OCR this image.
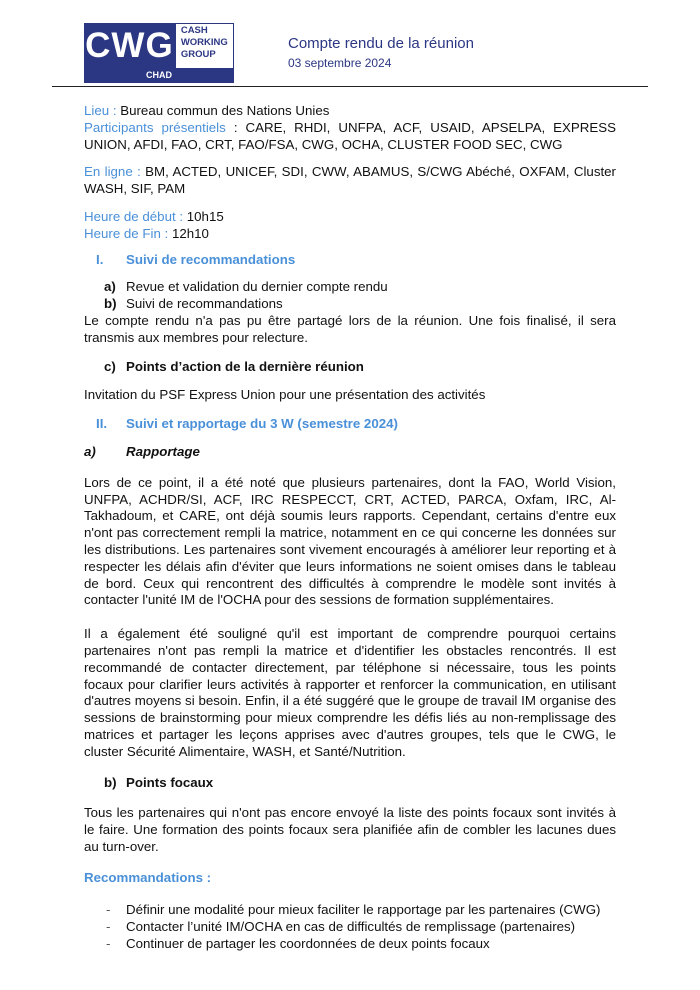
CWG CASH
WORKING
GROUP
CHAD
Compte rendu de la réunion
03 septembre 2024

Lieu : Bureau commun des Nations Unies

Participants présentiels : CARE, RHDI, UNFPA, ACF, USAID, APSELPA, EXPRESS UNION, AFDI, FAO, CRT, FAO/FSA, CWG, OCHA, CLUSTER FOOD SEC, CWG

En ligne : BM, ACTED, UNICEF, SDI, CWW, ABAMUS, S/CWG Abéché, OXFAM, Cluster WASH, SIF, PAM

Heure de début : 10h15

Heure de Fin : 12h10

I.	Suivi de recommandations
a) Revue et validation du dernier compte rendu
b) Suivi de recommandations

Le compte rendu n'a pas pu être partagé lors de la réunion. Une fois finalisé, il sera transmis aux membres pour relecture.

c) Points d’action de la dernière réunion

Invitation du PSF Express Union pour une présentation des activités

II.	Suivi et rapportage du 3 W (semestre 2024)
a)	Rapportage

Lors de ce point, il a été noté que plusieurs partenaires, dont la FAO, World Vision, UNFPA, ACHDR/SI, ACF, IRC RESPECCT, CRT, ACTED, PARCA, Oxfam, IRC, Al-Takhadoum, et CARE, ont déjà soumis leurs rapports. Cependant, certains d'entre eux n'ont pas correctement rempli la matrice, notamment en ce qui concerne les données sur les distributions. Les partenaires sont vivement encouragés à améliorer leur reporting et à respecter les délais afin d'éviter que leurs informations ne soient omises dans le tableau de bord. Ceux qui rencontrent des difficultés à comprendre le modèle sont invités à contacter l'unité IM de l'OCHA pour des sessions de formation supplémentaires.

Il a également été souligné qu'il est important de comprendre pourquoi certains partenaires n'ont pas rempli la matrice et d'identifier les obstacles rencontrés. Il est recommandé de contacter directement, par téléphone si nécessaire, tous les points focaux pour clarifier leurs activités à rapporter et renforcer la communication, en utilisant d'autres moyens si besoin. Enfin, il a été suggéré que le groupe de travail IM organise des sessions de brainstorming pour mieux comprendre les défis liés au non-remplissage des matrices et partager les leçons apprises avec d'autres groupes, tels que le CWG, le cluster Sécurité Alimentaire, WASH, et Santé/Nutrition.

b) Points focaux

Tous les partenaires qui n'ont pas encore envoyé la liste des points focaux sont invités à le faire. Une formation des points focaux sera planifiée afin de combler les lacunes dues au turn-over.

Recommandations :

-	Définir une modalité pour mieux faciliter le rapportage par les partenaires (CWG)
-	Contacter l’unité IM/OCHA en cas de difficultés de remplissage (partenaires)
-	Continuer de partager les coordonnées de deux points focaux
